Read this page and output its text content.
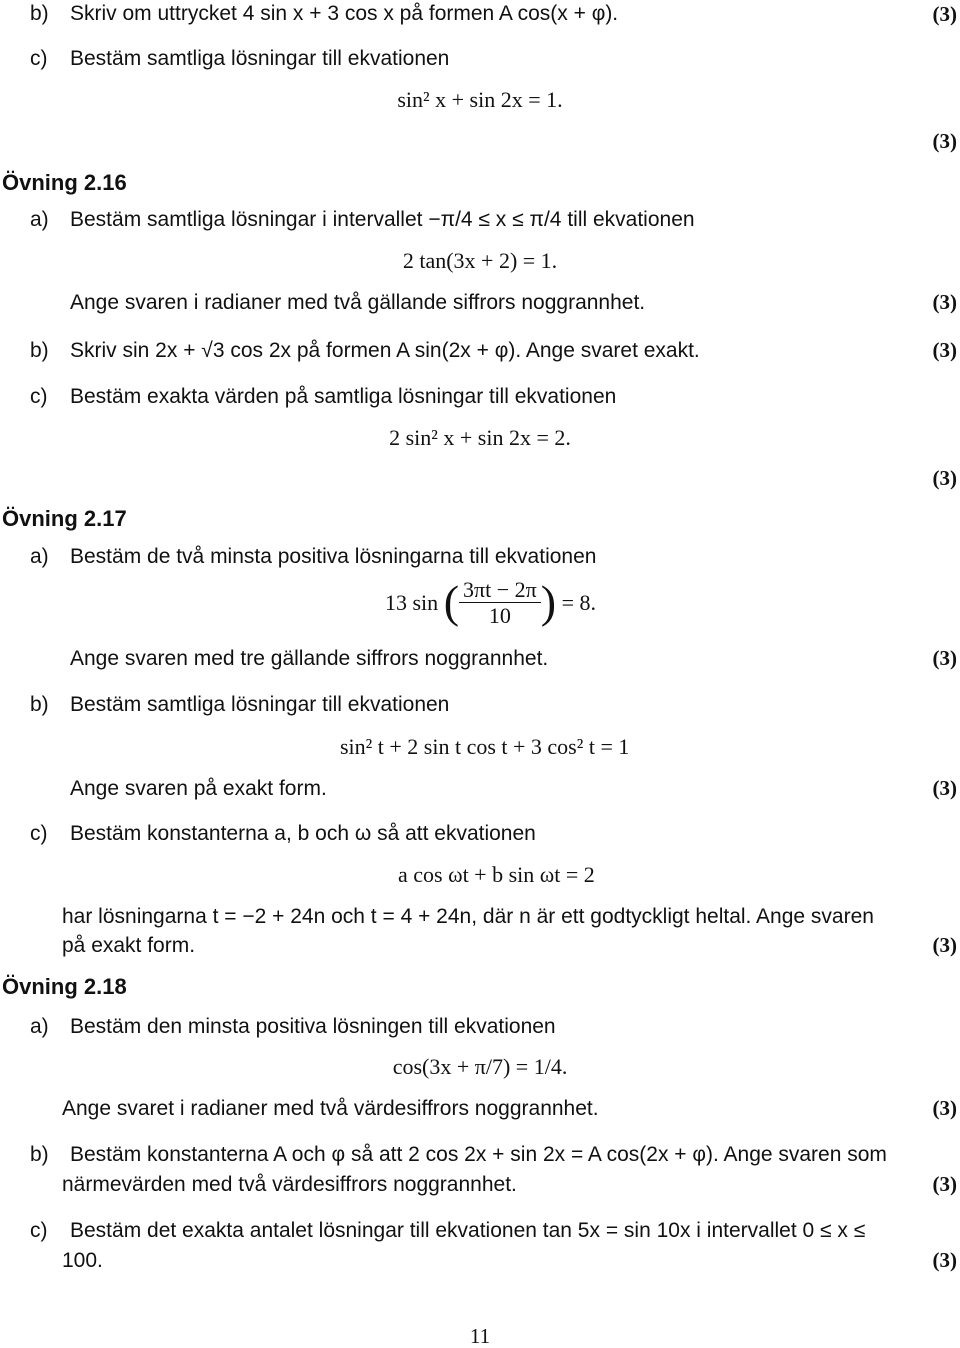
b) Skriv om uttrycket 4 sin x + 3 cos x på formen A cos(x + φ).	(3)
c) Bestäm samtliga lösningar till ekvationen
sin² x + sin 2x = 1.
(3)
Övning 2.16
a) Bestäm samtliga lösningar i intervallet −π/4 ≤ x ≤ π/4 till ekvationen
2 tan(3x + 2) = 1.
Ange svaren i radianer med två gällande siffrors noggrannhet.	(3)
b) Skriv sin 2x + √3 cos 2x på formen A sin(2x + φ). Ange svaret exakt.	(3)
c) Bestäm exakta värden på samtliga lösningar till ekvationen
2 sin² x + sin 2x = 2.
(3)
Övning 2.17
a) Bestäm de två minsta positiva lösningarna till ekvationen
13 sin ( $\frac{3\pi t - 2\pi}{10}$ ) = 8.
Ange svaren med tre gällande siffrors noggrannhet.	(3)
b) Bestäm samtliga lösningar till ekvationen
sin² t + 2 sin t cos t + 3 cos² t = 1
Ange svaren på exakt form.	(3)
c) Bestäm konstanterna a, b och ω så att ekvationen
a cos ωt + b sin ωt = 2
har lösningarna t = −2 + 24n och t = 4 + 24n, där n är ett godtyckligt heltal. Ange svaren
på exakt form.	(3)
Övning 2.18
a) Bestäm den minsta positiva lösningen till ekvationen
cos(3x + π/7) = 1/4.
Ange svaret i radianer med två värdesiffrors noggrannhet.	(3)
b) Bestäm konstanterna A och φ så att 2 cos 2x + sin 2x = A cos(2x + φ). Ange svaren som
närmevärden med två värdesiffrors noggrannhet.	(3)
c) Bestäm det exakta antalet lösningar till ekvationen tan 5x = sin 10x i intervallet 0 ≤ x ≤
100.	(3)
11
